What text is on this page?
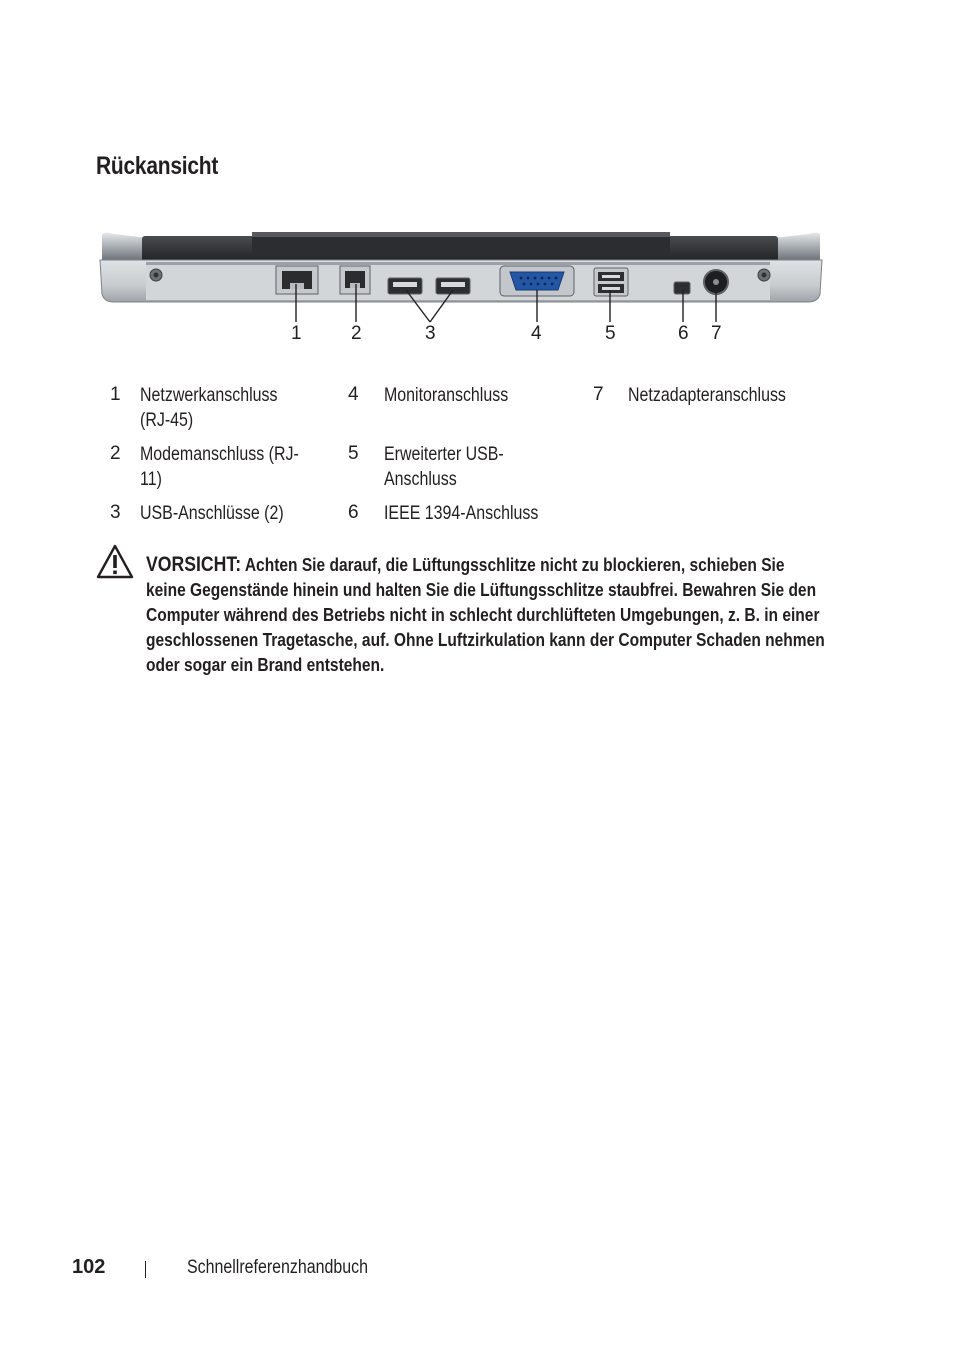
Rückansicht
1	2	3	4	5	6 7
1 Netzwerkanschluss (RJ-45)
2 Modemanschluss (RJ-11)
3 USB-Anschlüsse (2)
4 Monitoranschluss
5 Erweiterter USB-Anschluss
6 IEEE 1394-Anschluss
7 Netzadapteranschluss
VORSICHT: Achten Sie darauf, die Lüftungsschlitze nicht zu blockieren, schieben Sie keine Gegenstände hinein und halten Sie die Lüftungsschlitze staubfrei. Bewahren Sie den Computer während des Betriebs nicht in schlecht durchlüfteten Umgebungen, z. B. in einer geschlossenen Tragetasche, auf. Ohne Luftzirkulation kann der Computer Schaden nehmen oder sogar ein Brand entstehen.
102	Schnellreferenzhandbuch
